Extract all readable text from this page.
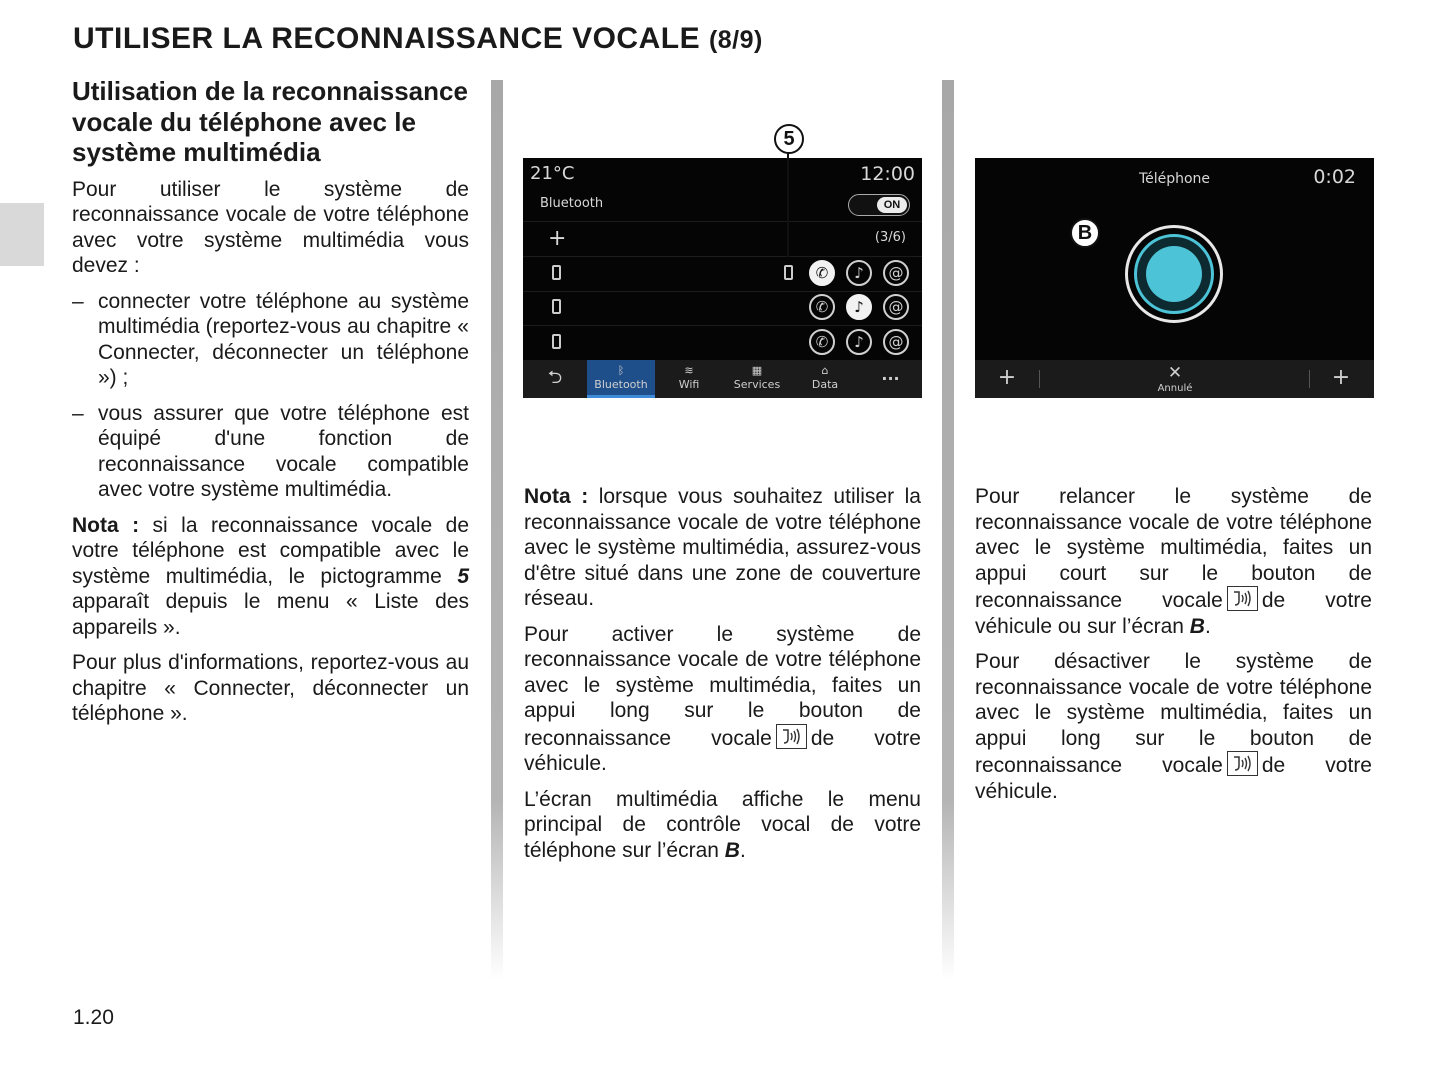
UTILISER LA RECONNAISSANCE VOCALE (8/9)
Utilisation de la reconnaissance vocale du téléphone avec le système multimédia

Pour utiliser le système de reconnaissance vocale de votre téléphone avec votre système multimédia vous devez :

– connecter votre téléphone au système multimédia (reportez-vous au chapitre « Connecter, déconnecter un téléphone ») ;
– vous assurer que votre téléphone est équipé d'une fonction de reconnaissance vocale compatible avec votre système multimédia.

Nota : si la reconnaissance vocale de votre téléphone est compatible avec le système multimédia, le pictogramme 5 apparaît depuis le menu « Liste des appareils ».

Pour plus d'informations, reportez-vous au chapitre « Connecter, déconnecter un téléphone ».

21°C	12:00
Bluetooth	ON
+	(3/6)
✆	♪	@
✆	♪	@
✆	♪	@
⮌	ᛒ
Bluetooth
≋
Wifi
▦
Services
⌂
Data
...
5
Téléphone	0:02
+	✕
Annulé	+
B

Nota : lorsque vous souhaitez utiliser la reconnaissance vocale de votre téléphone avec le système multimédia, assurez-vous d'être situé dans une zone de couverture réseau.

Pour activer le système de reconnaissance vocale de votre téléphone avec le système multimédia, faites un appui long sur le bouton de reconnaissance vocale de votre véhicule.

L’écran multimédia affiche le menu principal de contrôle vocal de votre téléphone sur l’écran B.

Pour relancer le système de reconnaissance vocale de votre téléphone avec le système multimédia, faites un appui court sur le bouton de reconnaissance vocale de votre véhicule ou sur l’écran B.

Pour désactiver le système de reconnaissance vocale de votre téléphone avec le système multimédia, faites un appui long sur le bouton de reconnaissance vocale de votre véhicule.

1.20
